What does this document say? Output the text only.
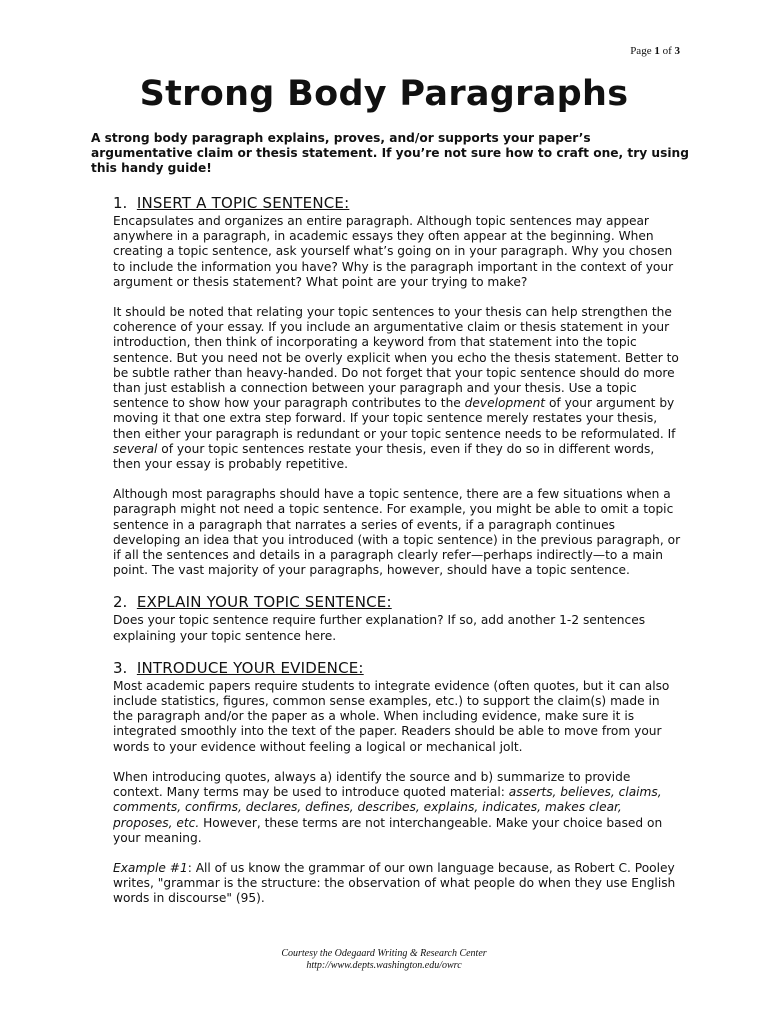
Page 1 of 3
Strong Body Paragraphs
A strong body paragraph explains, proves, and/or supports your paper’s argumentative claim or thesis statement. If you’re not sure how to craft one, try using this handy guide!
1. INSERT A TOPIC SENTENCE:

Encapsulates and organizes an entire paragraph. Although topic sentences may appear anywhere in a paragraph, in academic essays they often appear at the beginning. When creating a topic sentence, ask yourself what’s going on in your paragraph. Why you chosen to include the information you have? Why is the paragraph important in the context of your argument or thesis statement? What point are your trying to make?

It should be noted that relating your topic sentences to your thesis can help strengthen the coherence of your essay. If you include an argumentative claim or thesis statement in your introduction, then think of incorporating a keyword from that statement into the topic sentence. But you need not be overly explicit when you echo the thesis statement. Better to be subtle rather than heavy-handed. Do not forget that your topic sentence should do more than just establish a connection between your paragraph and your thesis. Use a topic sentence to show how your paragraph contributes to the development of your argument by moving it that one extra step forward. If your topic sentence merely restates your thesis, then either your paragraph is redundant or your topic sentence needs to be reformulated. If several of your topic sentences restate your thesis, even if they do so in different words, then your essay is probably repetitive.

Although most paragraphs should have a topic sentence, there are a few situations when a paragraph might not need a topic sentence. For example, you might be able to omit a topic sentence in a paragraph that narrates a series of events, if a paragraph continues developing an idea that you introduced (with a topic sentence) in the previous paragraph, or if all the sentences and details in a paragraph clearly refer—perhaps indirectly—to a main point. The vast majority of your paragraphs, however, should have a topic sentence.

2. EXPLAIN YOUR TOPIC SENTENCE:

Does your topic sentence require further explanation? If so, add another 1-2 sentences explaining your topic sentence here.

3. INTRODUCE YOUR EVIDENCE:

Most academic papers require students to integrate evidence (often quotes, but it can also include statistics, figures, common sense examples, etc.) to support the claim(s) made in the paragraph and/or the paper as a whole. When including evidence, make sure it is integrated smoothly into the text of the paper. Readers should be able to move from your words to your evidence without feeling a logical or mechanical jolt.

When introducing quotes, always a) identify the source and b) summarize to provide context. Many terms may be used to introduce quoted material: asserts, believes, claims, comments, confirms, declares, defines, describes, explains, indicates, makes clear, proposes, etc. However, these terms are not interchangeable. Make your choice based on your meaning.

Example #1: All of us know the grammar of our own language because, as Robert C. Pooley writes, "grammar is the structure: the observation of what people do when they use English words in discourse" (95).

Courtesy the Odegaard Writing & Research Center
http://www.depts.washington.edu/owrc
